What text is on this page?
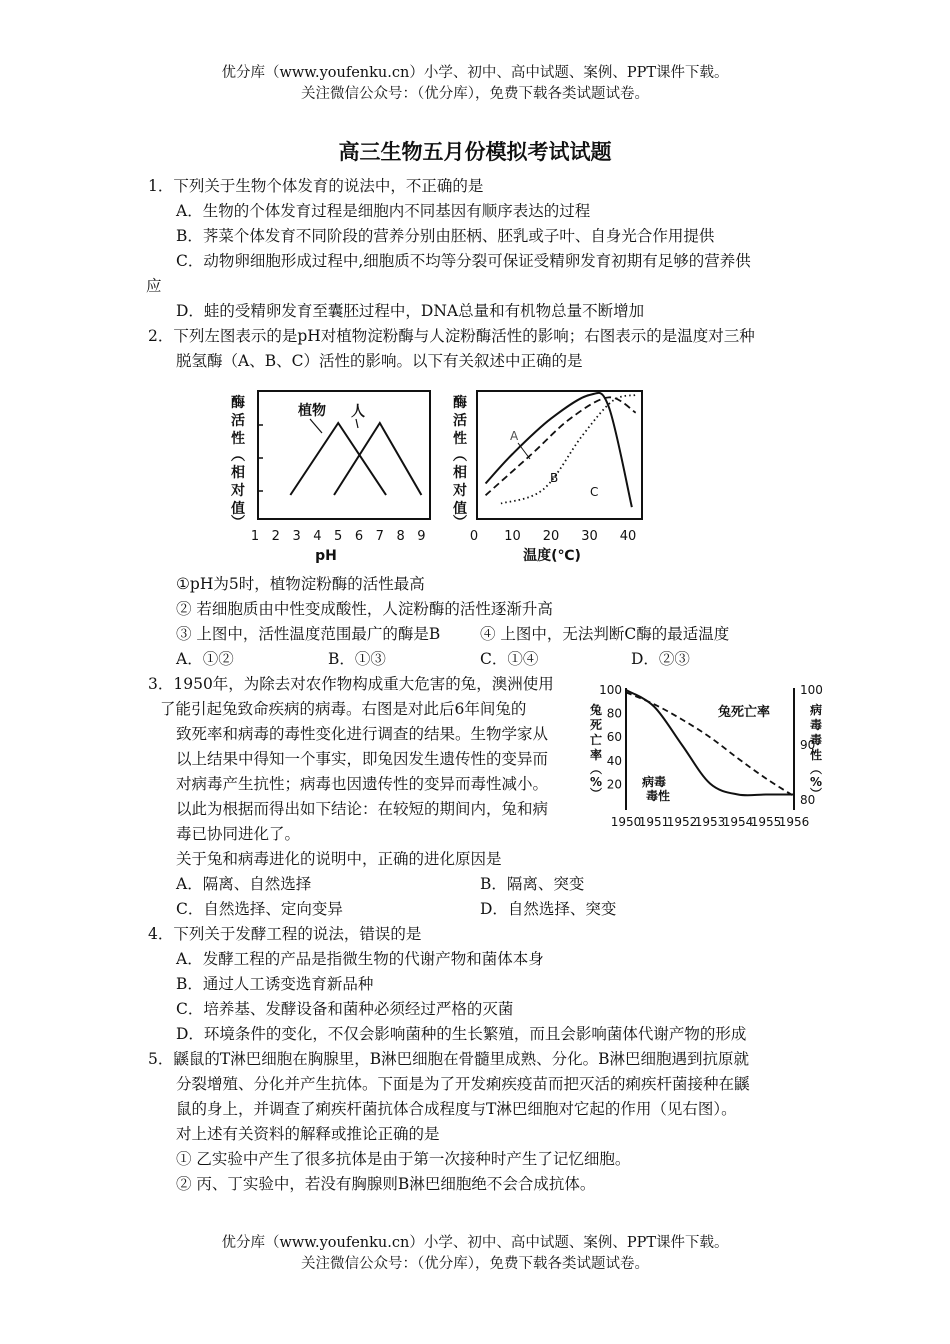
优分库（www.youfenku.cn）小学、初中、高中试题、案例、PPT课件下载。
关注微信公众号：（优分库），免费下载各类试题试卷。
高三生物五月份模拟考试试题
1．下列关于生物个体发育的说法中，不正确的是
A．生物的个体发育过程是细胞内不同基因有顺序表达的过程
B．荠菜个体发育不同阶段的营养分别由胚柄、胚乳或子叶、自身光合作用提供
C．动物卵细胞形成过程中,细胞质不均等分裂可保证受精卵发育初期有足够的营养供
应
D．蛙的受精卵发育至囊胚过程中，DNA总量和有机物总量不断增加
2．下列左图表示的是pH对植物淀粉酶与人淀粉酶活性的影响；右图表示的是温度对三种
脱氢酶（A、B、C）活性的影响。以下有关叙述中正确的是
酶
活
性
︵
相
对
值
︶
1 2 3 4 5 6 7 8 9
植物 人
pH
酶
活
性
︵
相
对
值
︶
0 10 20 30 40
A
B
C
温度(℃)
①pH为5时，植物淀粉酶的活性最高
② 若细胞质由中性变成酸性，人淀粉酶的活性逐渐升高
③ 上图中，活性温度范围最广的酶是B	④ 上图中，无法判断C酶的最适温度
A．①②	B．①③	C．①④	D．②③
3．1950年，为除去对农作物构成重大危害的兔，澳洲使用
了能引起兔致命疾病的病毒。右图是对此后6年间兔的
致死率和病毒的毒性变化进行调查的结果。生物学家从
以上结果中得知一个事实，即兔因发生遗传性的变异而
对病毒产生抗性；病毒也因遗传性的变异而毒性减小。
以此为根据而得出如下结论：在较短的期间内，兔和病
毒已协同进化了。
关于兔和病毒进化的说明中，正确的进化原因是
A．隔离、自然选择	B．隔离、突变
C．自然选择、定向变异	D．自然选择、突变
兔
死
亡
率
︵
%
︶
病
毒
毒
性
︵
%
︶
1950
1951
1952
1953
1954
1955
1956
20
40
60
80
100
80
90
100
兔死亡率
病毒
毒性
4．下列关于发酵工程的说法，错误的是
A．发酵工程的产品是指微生物的代谢产物和菌体本身
B．通过人工诱变选育新品种
C．培养基、发酵设备和菌种必须经过严格的灭菌
D．环境条件的变化，不仅会影响菌种的生长繁殖，而且会影响菌体代谢产物的形成
5．鼷鼠的T淋巴细胞在胸腺里，B淋巴细胞在骨髓里成熟、分化。B淋巴细胞遇到抗原就
分裂增殖、分化并产生抗体。下面是为了开发痢疾疫苗而把灭活的痢疾杆菌接种在鼷
鼠的身上，并调查了痢疾杆菌抗体合成程度与T淋巴细胞对它起的作用（见右图）。
对上述有关资料的解释或推论正确的是
① 乙实验中产生了很多抗体是由于第一次接种时产生了记忆细胞。
② 丙、丁实验中，若没有胸腺则B淋巴细胞绝不会合成抗体。
优分库（www.youfenku.cn）小学、初中、高中试题、案例、PPT课件下载。
关注微信公众号：（优分库），免费下载各类试题试卷。
